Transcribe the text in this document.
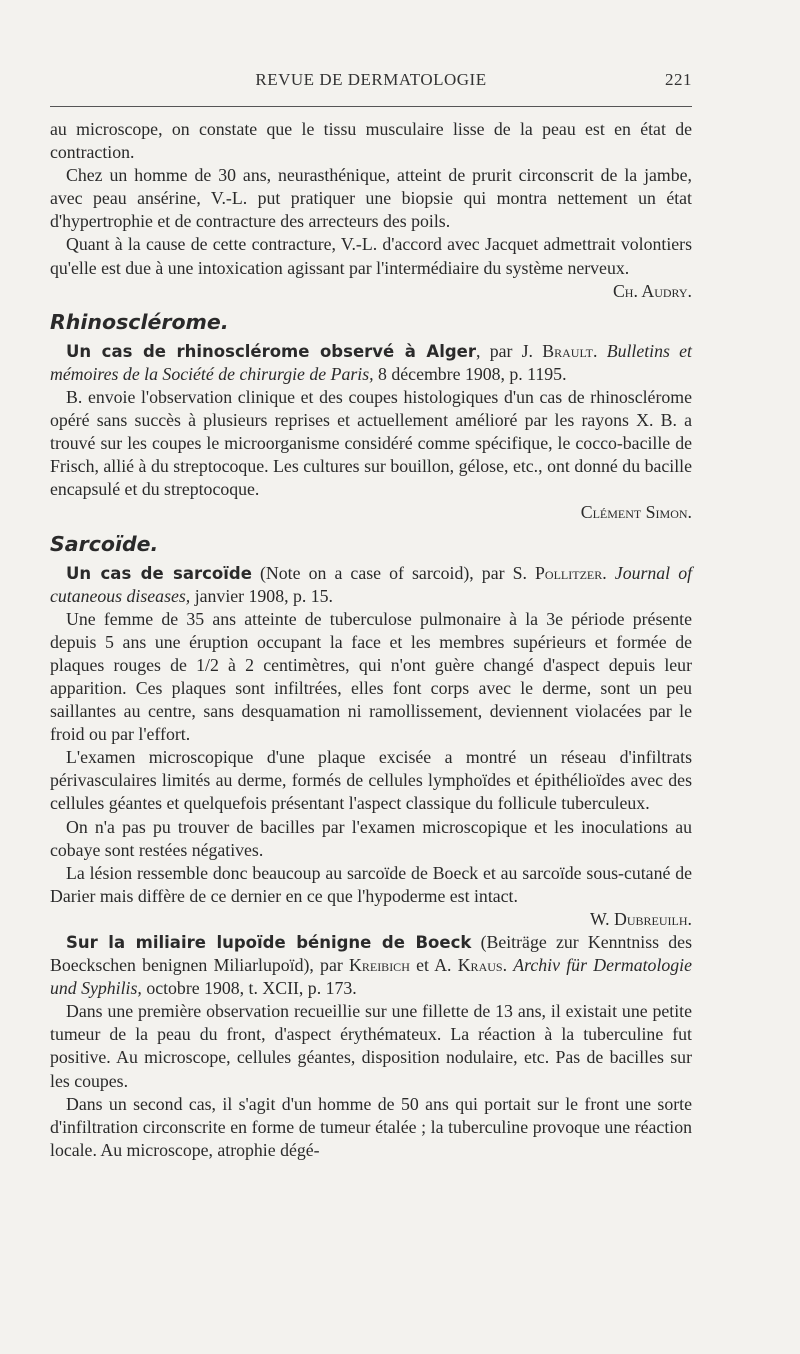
REVUE DE DERMATOLOGIE	221

au microscope, on constate que le tissu musculaire lisse de la peau est en état de contraction.

Chez un homme de 30 ans, neurasthénique, atteint de prurit circonscrit de la jambe, avec peau ansérine, V.-L. put pratiquer une biopsie qui montra nettement un état d'hypertrophie et de contracture des arrecteurs des poils.

Quant à la cause de cette contracture, V.-L. d'accord avec Jacquet admettrait volontiers qu'elle est due à une intoxication agissant par l'intermédiaire du système nerveux.

Ch. Audry.
Rhinosclérome.

Un cas de rhinosclérome observé à Alger, par J. Brault. Bulletins et mémoires de la Société de chirurgie de Paris, 8 décembre 1908, p. 1195.

B. envoie l'observation clinique et des coupes histologiques d'un cas de rhinosclérome opéré sans succès à plusieurs reprises et actuellement amélioré par les rayons X. B. a trouvé sur les coupes le microorganisme considéré comme spécifique, le cocco-bacille de Frisch, allié à du streptocoque. Les cultures sur bouillon, gélose, etc., ont donné du bacille encapsulé et du streptocoque.

Clément Simon.
Sarcoïde.

Un cas de sarcoïde (Note on a case of sarcoid), par S. Pollitzer. Journal of cutaneous diseases, janvier 1908, p. 15.

Une femme de 35 ans atteinte de tuberculose pulmonaire à la 3e période présente depuis 5 ans une éruption occupant la face et les membres supérieurs et formée de plaques rouges de 1/2 à 2 centimètres, qui n'ont guère changé d'aspect depuis leur apparition. Ces plaques sont infiltrées, elles font corps avec le derme, sont un peu saillantes au centre, sans desquamation ni ramollissement, deviennent violacées par le froid ou par l'effort.

L'examen microscopique d'une plaque excisée a montré un réseau d'infiltrats périvasculaires limités au derme, formés de cellules lymphoïdes et épithélioïdes avec des cellules géantes et quelquefois présentant l'aspect classique du follicule tuberculeux.

On n'a pas pu trouver de bacilles par l'examen microscopique et les inoculations au cobaye sont restées négatives.

La lésion ressemble donc beaucoup au sarcoïde de Boeck et au sarcoïde sous-cutané de Darier mais diffère de ce dernier en ce que l'hypoderme est intact.

W. Dubreuilh.

Sur la miliaire lupoïde bénigne de Boeck (Beiträge zur Kenntniss des Boeckschen benignen Miliarlupoïd), par Kreibich et A. Kraus. Archiv für Dermatologie und Syphilis, octobre 1908, t. XCII, p. 173.

Dans une première observation recueillie sur une fillette de 13 ans, il existait une petite tumeur de la peau du front, d'aspect érythémateux. La réaction à la tuberculine fut positive. Au microscope, cellules géantes, disposition nodulaire, etc. Pas de bacilles sur les coupes.

Dans un second cas, il s'agit d'un homme de 50 ans qui portait sur le front une sorte d'infiltration circonscrite en forme de tumeur étalée ; la tuberculine provoque une réaction locale. Au microscope, atrophie dégé-
